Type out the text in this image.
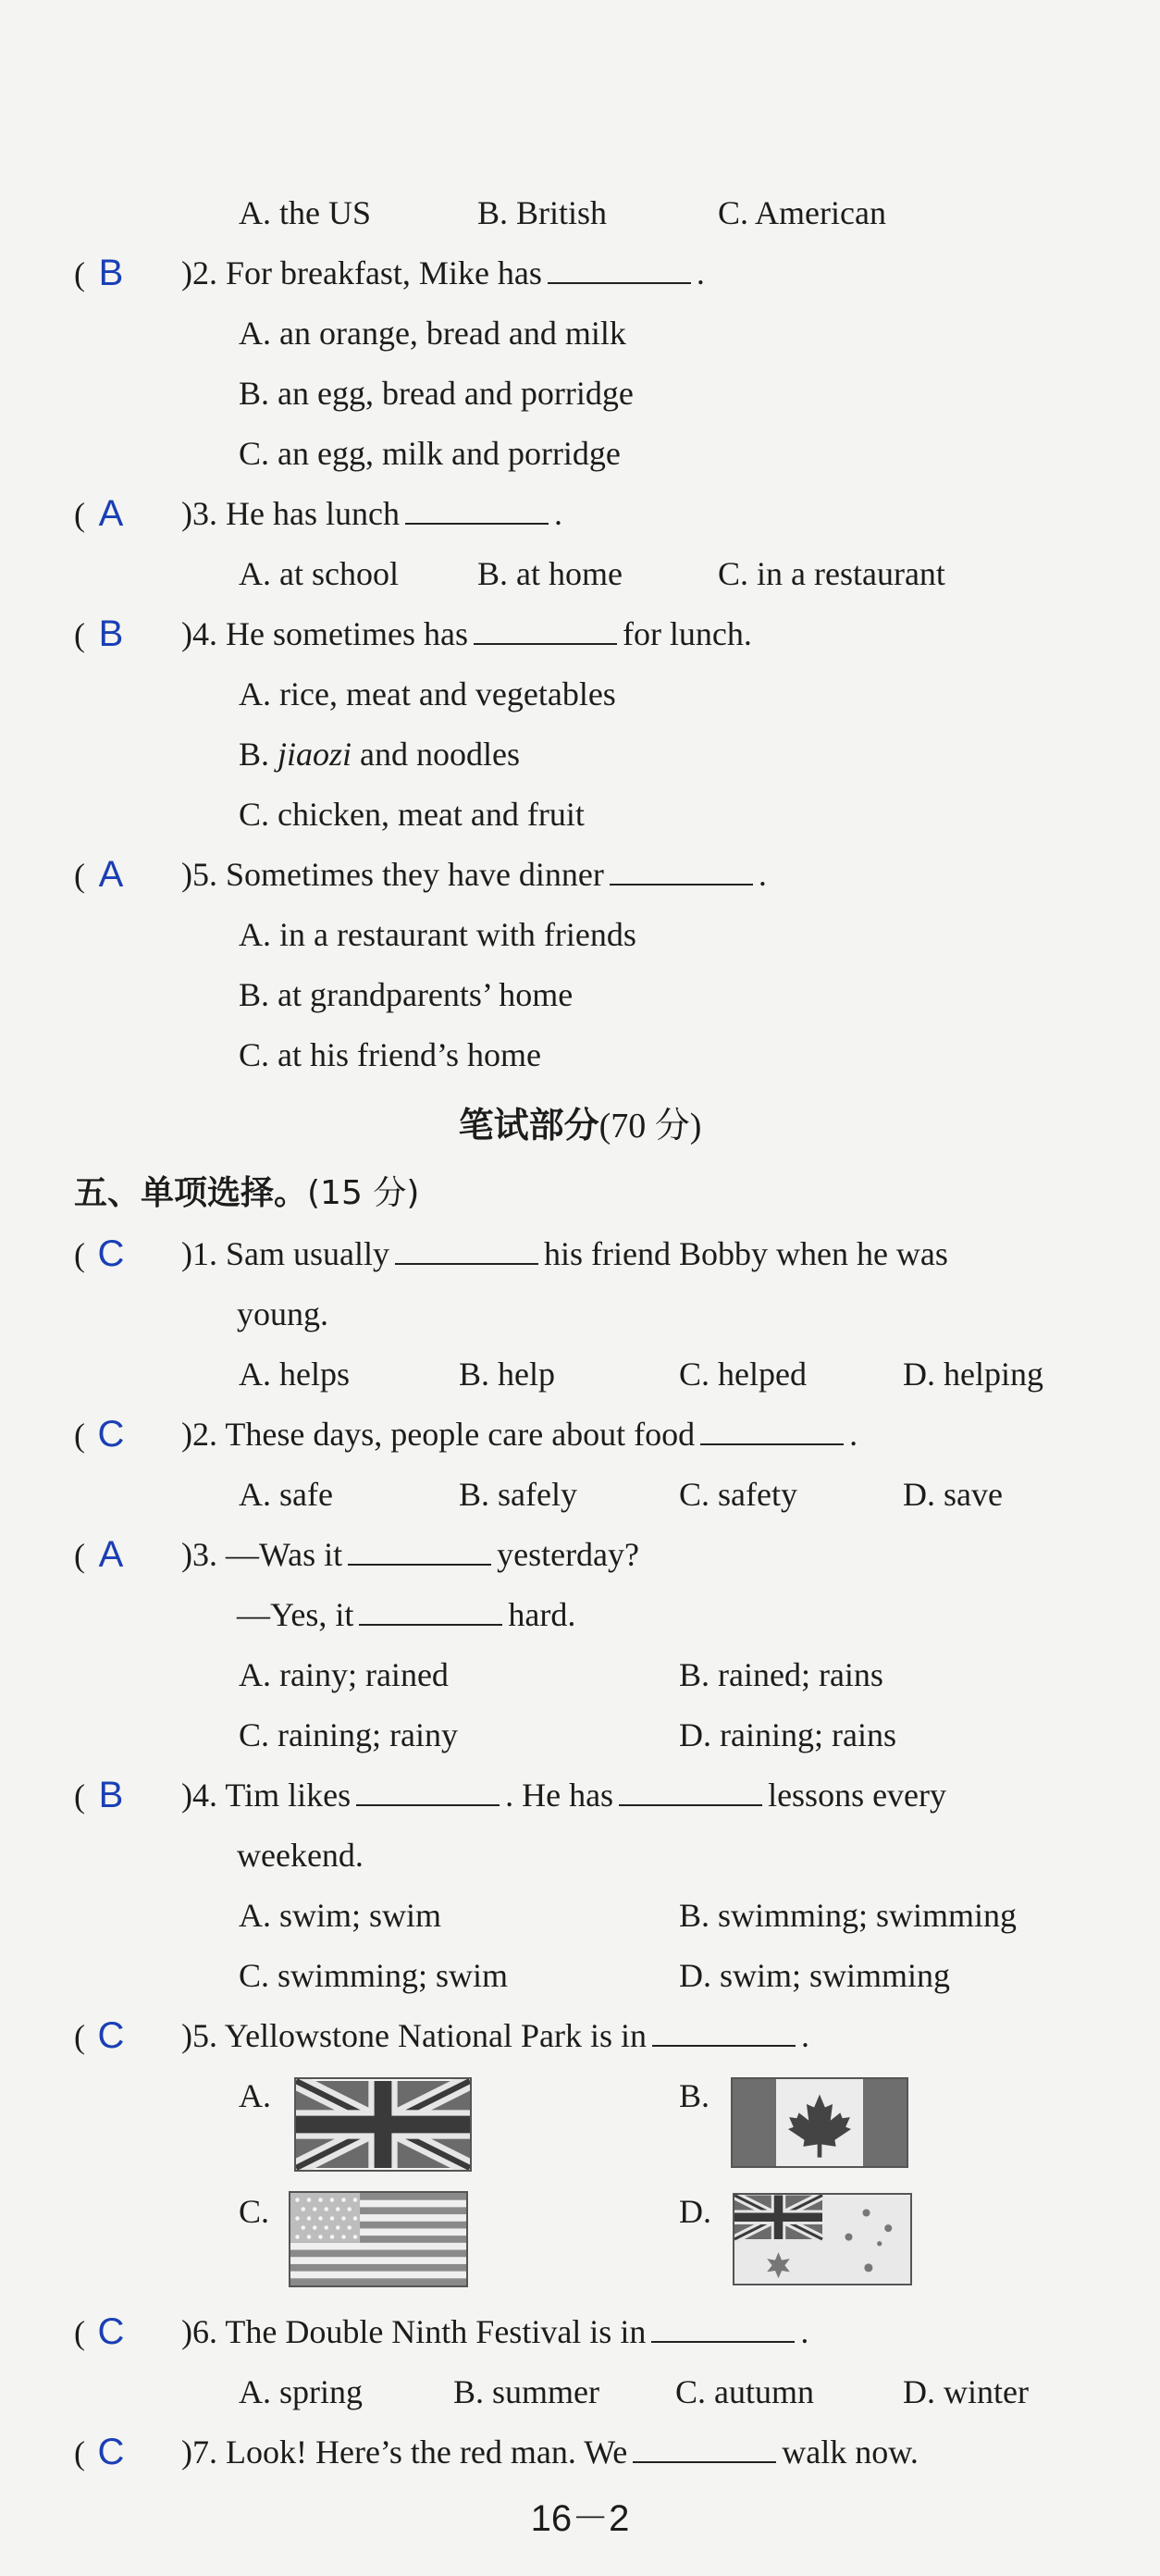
A. the US	B. British	C. American
( B	)2. For breakfast, Mike has	.
A. an orange, bread and milk
B. an egg, bread and porridge
C. an egg, milk and porridge
( A	)3. He has lunch	.
A. at school B. at home	C. in a restaurant
( B	)4. He sometimes has	for lunch.
A. rice, meat and vegetables
B. jiaozi and noodles
C. chicken, meat and fruit
( A	)5. Sometimes they have dinner	.
A. in a restaurant with friends
B. at grandparents’ home
C. at his friend’s home
笔试部分(70 分)
五、单项选择。(15 分)
( C	)1. Sam usually	his friend Bobby when he was
young.
A. helps	B. help	C. helped	D. helping
( C	)2. These days, people care about food	.
A. safe	B. safely	C. safety	D. save
( A	)3. —Was it	yesterday?
—Yes, it	hard.
A. rainy; rained	B. rained; rains
C. raining; rainy	D. raining; rains
( B	)4. Tim likes	. He has	lessons every
weekend.
A. swim; swim	B. swimming; swimming
C. swimming; swim	D. swim; swimming
( C	)5. Yellowstone National Park is in	.
A.	B.
C.	D.
( C	)6. The Double Ninth Festival is in	.
A. spring	B. summer C. autumn	D. winter
( C	)7. Look! Here’s the red man. We	walk now.
16－2
